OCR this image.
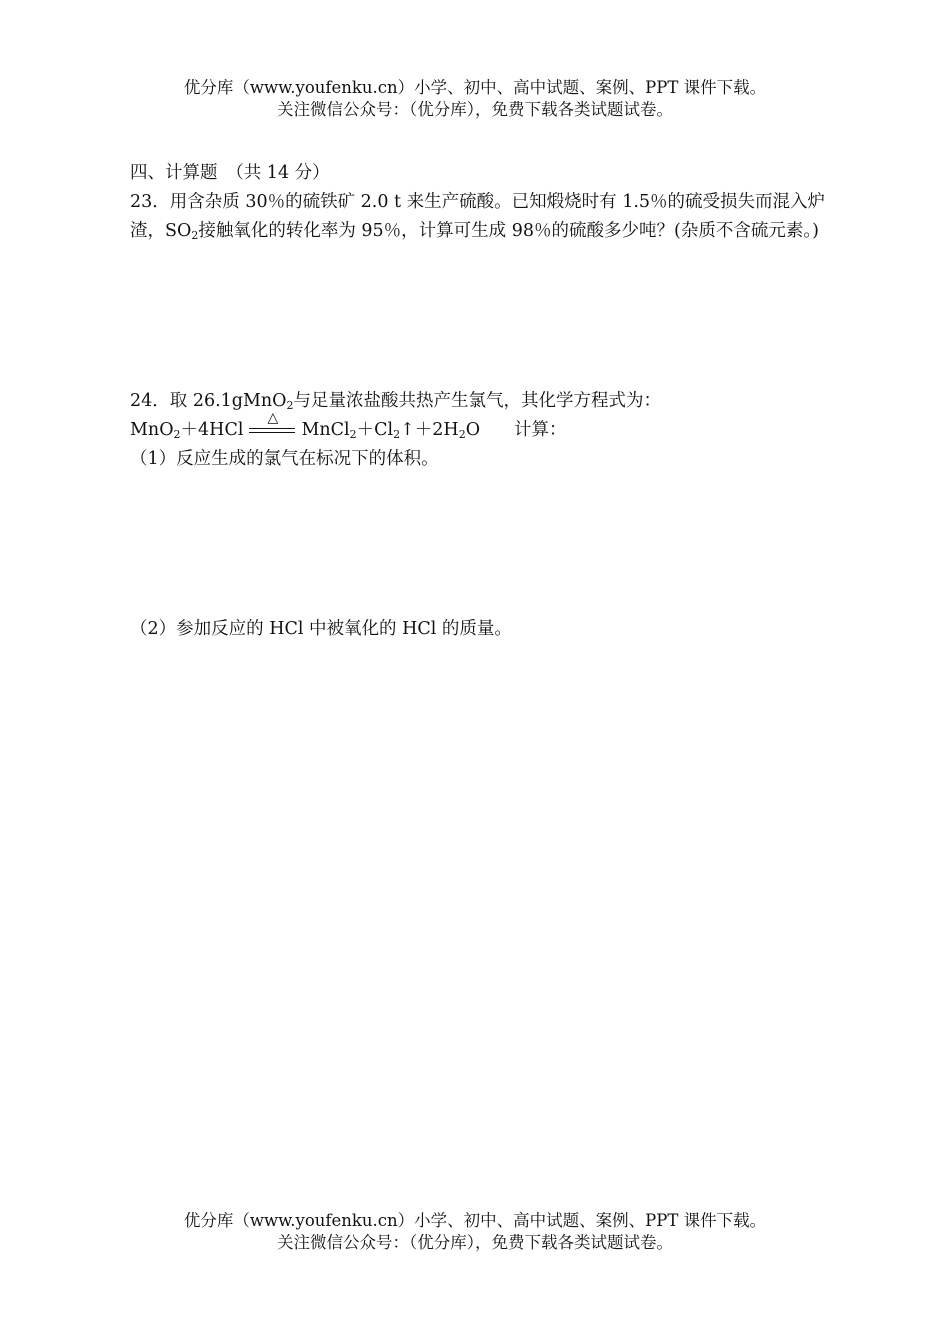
优分库（www.youfenku.cn）小学、初中、高中试题、案例、PPT 课件下载。
关注微信公众号：（优分库），免费下载各类试题试卷。
四、计算题　（共 14 分）
23．用含杂质 30％的硫铁矿 2.0 t 来生产硫酸。已知煅烧时有 1.5％的硫受损失而混入炉渣，$SO_2$接触氧化的转化率为 95％，计算可生成 98％的硫酸多少吨？(杂质不含硫元素。)
24．取 26.1gMnO$_2$与足量浓盐酸共热产生氯气，其化学方程式为：
MnO$_2$＋4HCl
△
$MnCl_2+Cl_2↑+2H_2O$ 计算：
（1）反应生成的氯气在标况下的体积。
（2）参加反应的 HCl 中被氧化的 HCl 的质量。
优分库（www.youfenku.cn）小学、初中、高中试题、案例、PPT 课件下载。
关注微信公众号：（优分库），免费下载各类试题试卷。
